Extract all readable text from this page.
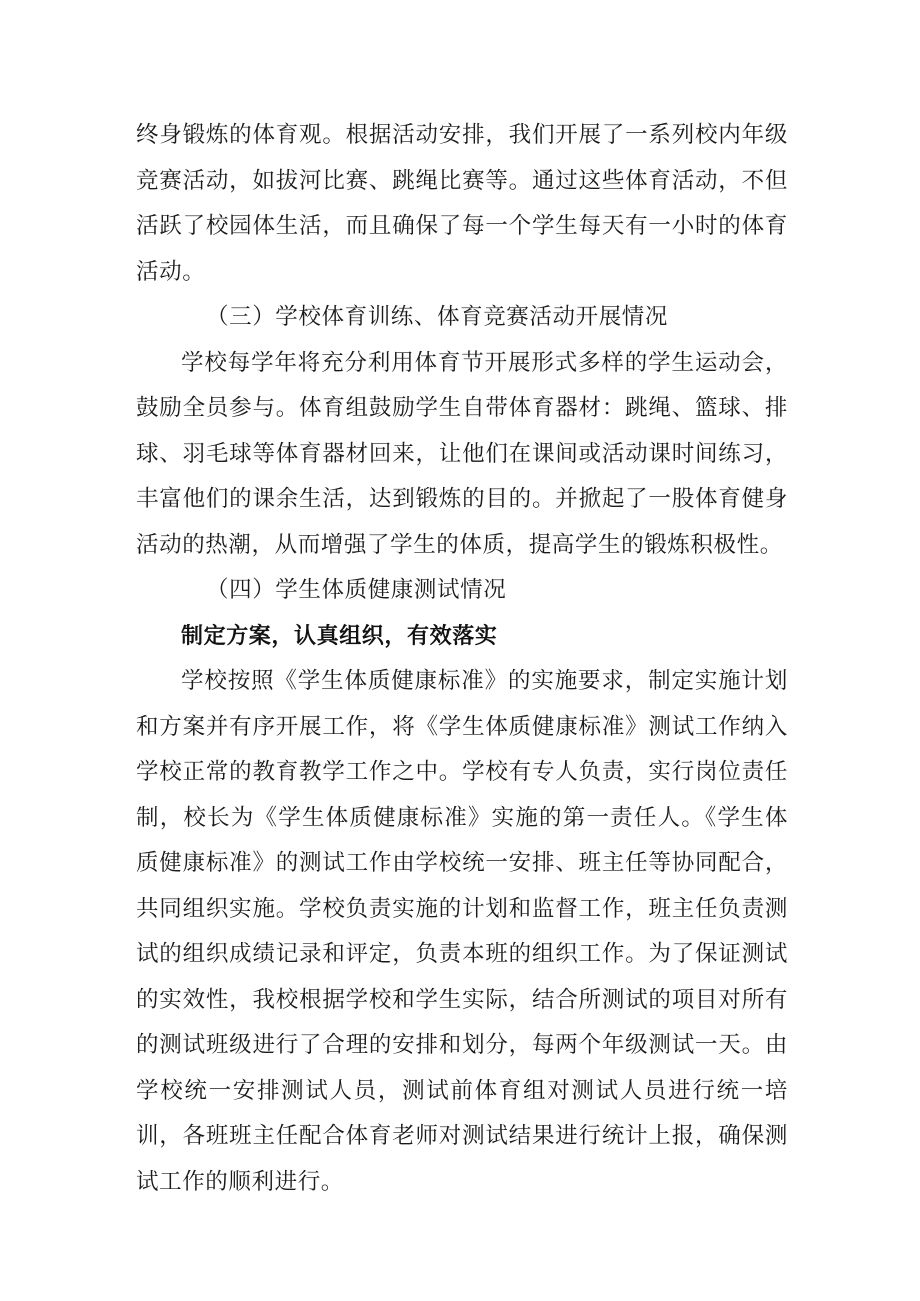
终身锻炼的体育观。根据活动安排，我们开展了一系列校内年级竞赛活动，如拔河比赛、跳绳比赛等。通过这些体育活动，不但活跃了校园体生活，而且确保了每一个学生每天有一小时的体育活动。

（三）学校体育训练、体育竞赛活动开展情况

学校每学年将充分利用体育节开展形式多样的学生运动会，鼓励全员参与。体育组鼓励学生自带体育器材：跳绳、篮球、排球、羽毛球等体育器材回来，让他们在课间或活动课时间练习，丰富他们的课余生活，达到锻炼的目的。并掀起了一股体育健身活动的热潮，从而增强了学生的体质，提高学生的锻炼积极性。

（四）学生体质健康测试情况

制定方案，认真组织，有效落实

学校按照《学生体质健康标准》的实施要求，制定实施计划和方案并有序开展工作，将《学生体质健康标准》测试工作纳入学校正常的教育教学工作之中。学校有专人负责，实行岗位责任制，校长为《学生体质健康标准》实施的第一责任人。《学生体质健康标准》的测试工作由学校统一安排、班主任等协同配合，共同组织实施。学校负责实施的计划和监督工作，班主任负责测试的组织成绩记录和评定，负责本班的组织工作。为了保证测试的实效性，我校根据学校和学生实际，结合所测试的项目对所有的测试班级进行了合理的安排和划分，每两个年级测试一天。由学校统一安排测试人员，测试前体育组对测试人员进行统一培训，各班班主任配合体育老师对测试结果进行统计上报，确保测试工作的顺利进行。
